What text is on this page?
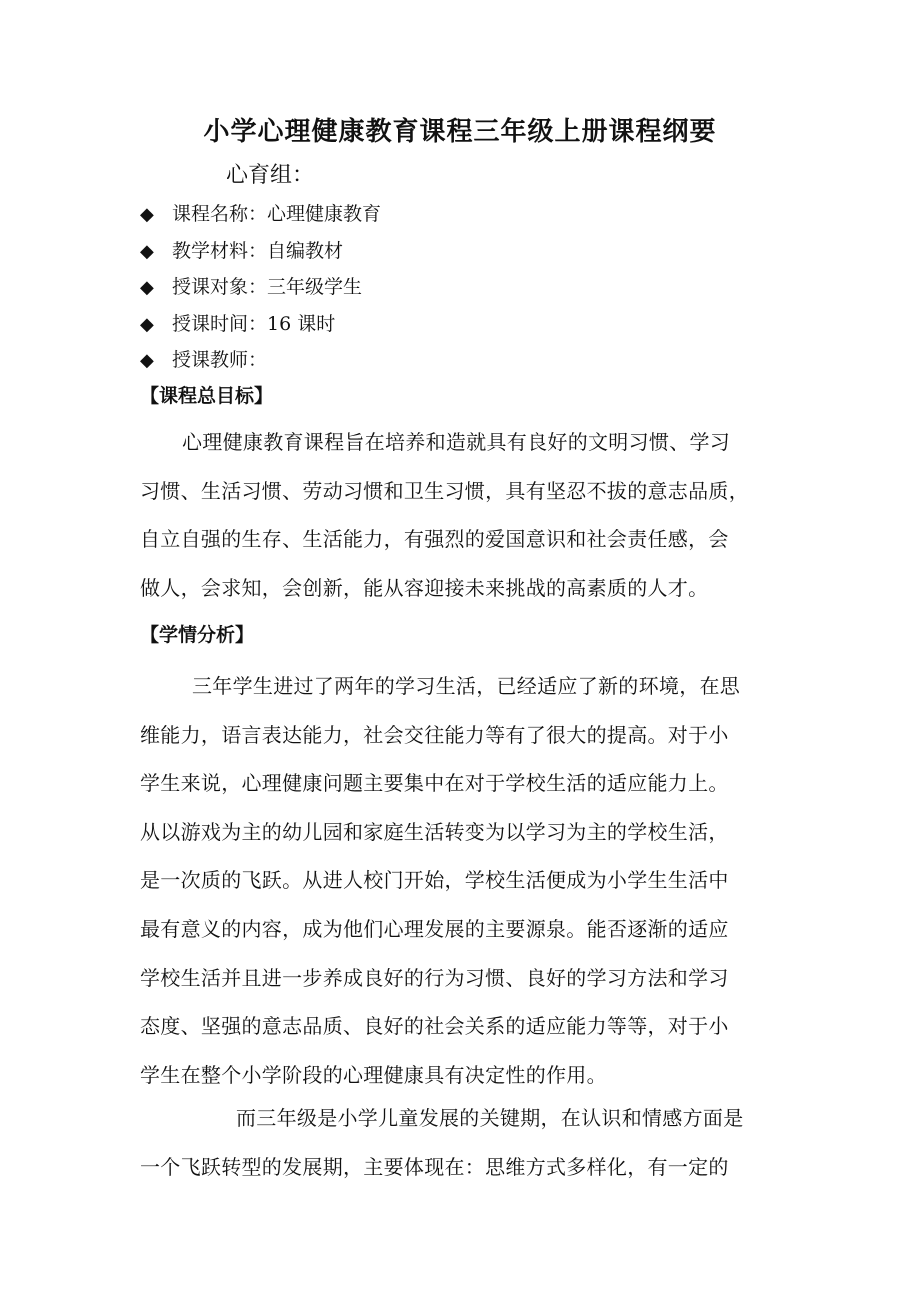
小学心理健康教育课程三年级上册课程纲要

心育组：

◆ 课程名称：心理健康教育
◆ 教学材料：自编教材
◆ 授课对象：三年级学生
◆ 授课时间：16 课时
◆ 授课教师：
【课程总目标】
心理健康教育课程旨在培养和造就具有良好的文明习惯、学习
习惯、生活习惯、劳动习惯和卫生习惯，具有坚忍不拔的意志品质，
自立自强的生存、生活能力，有强烈的爱国意识和社会责任感，会
做人，会求知，会创新，能从容迎接未来挑战的高素质的人才。
【学情分析】
三年学生进过了两年的学习生活，已经适应了新的环境，在思
维能力，语言表达能力，社会交往能力等有了很大的提高。对于小
学生来说，心理健康问题主要集中在对于学校生活的适应能力上。
从以游戏为主的幼儿园和家庭生活转变为以学习为主的学校生活，
是一次质的飞跃。从进人校门开始，学校生活便成为小学生生活中
最有意义的内容，成为他们心理发展的主要源泉。能否逐渐的适应
学校生活并且进一步养成良好的行为习惯、良好的学习方法和学习
态度、坚强的意志品质、良好的社会关系的适应能力等等，对于小
学生在整个小学阶段的心理健康具有决定性的作用。
而三年级是小学儿童发展的关键期，在认识和情感方面是
一个飞跃转型的发展期，主要体现在：思维方式多样化，有一定的
